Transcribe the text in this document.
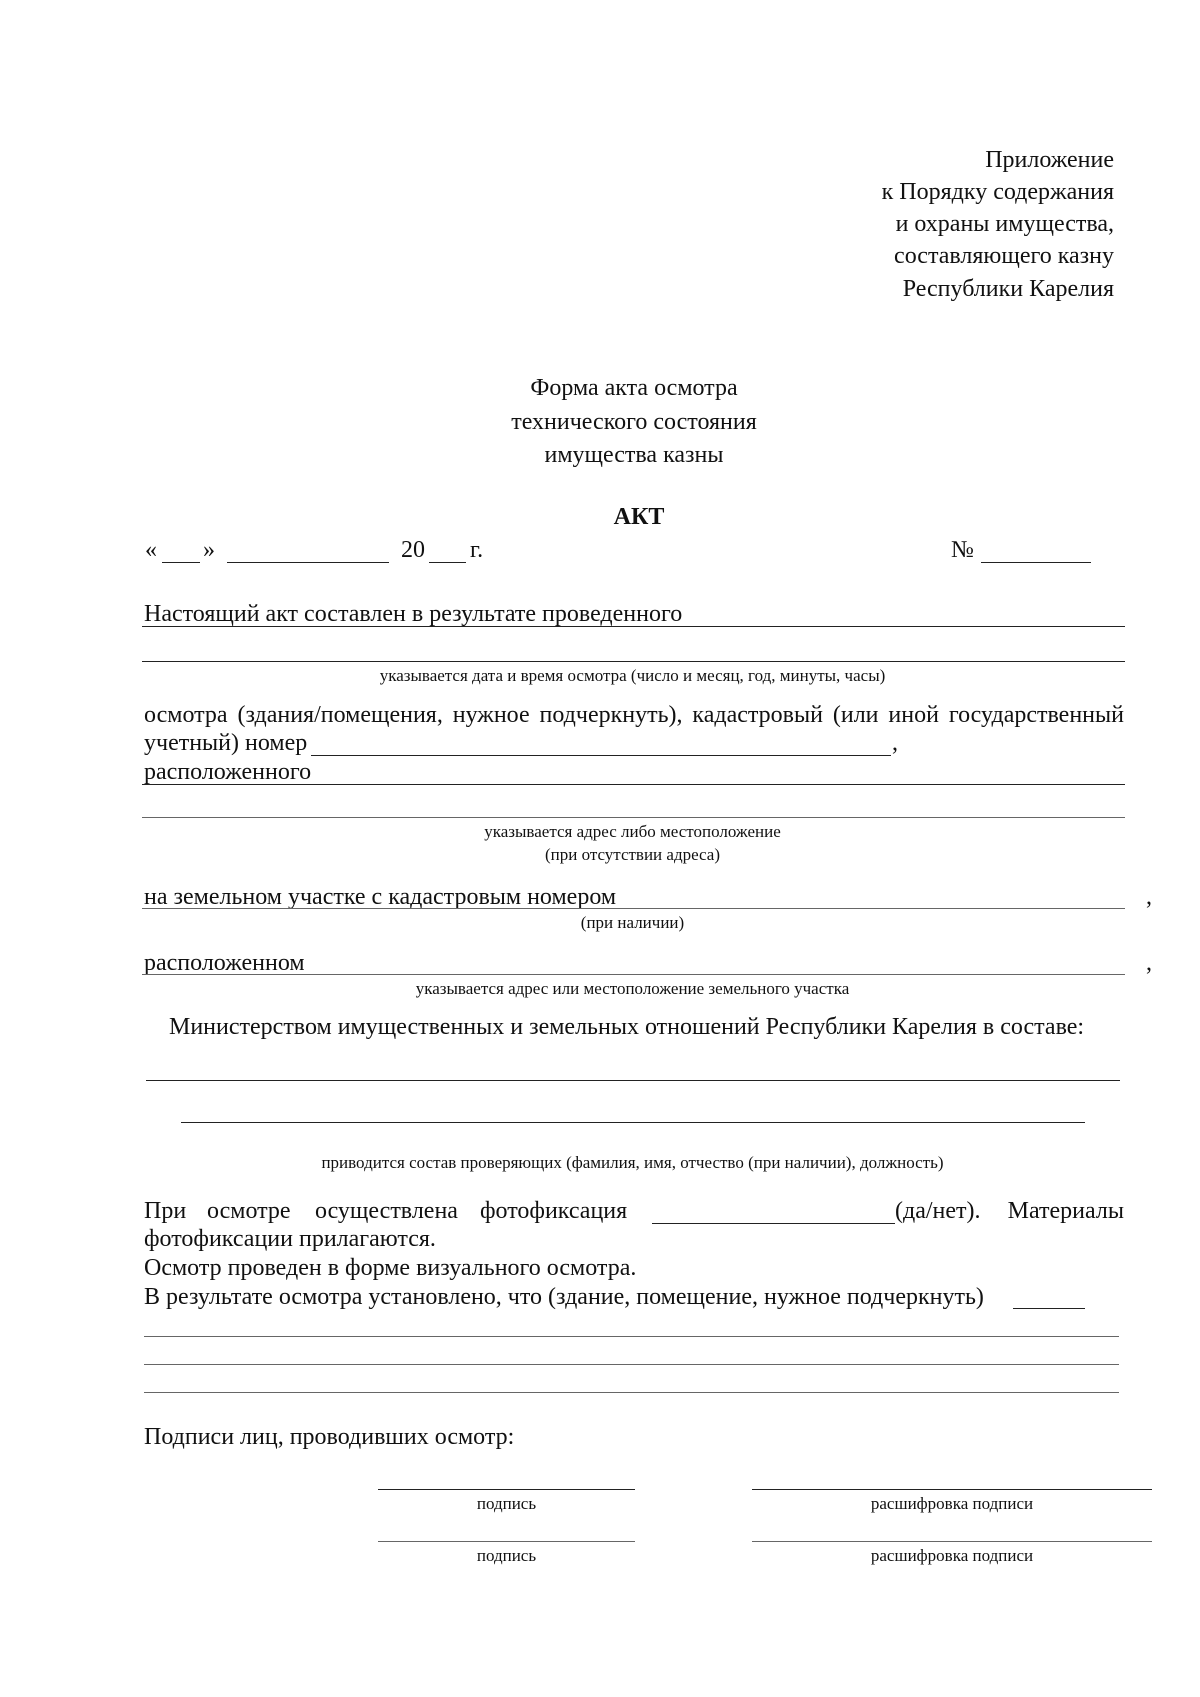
Приложение
к Порядку содержания
и охраны имущества,
составляющего казну
Республики Карелия
Форма акта осмотра
технического состояния
имущества казны
АКТ
« »	20 г.	№
Настоящий акт составлен в результате проведенного
указывается дата и время осмотра (число и месяц, год, минуты, часы)
осмотра (здания/помещения, нужное подчеркнуть), кадастровый (или иной государственный
учетный) номер	,
расположенного
указывается адрес либо местоположение
(при отсутствии адреса)
на земельном участке с кадастровым номером	,
(при наличии)
расположенном	,
указывается адрес или местоположение земельного участка
Министерством имущественных и земельных отношений Республики Карелия в составе:
приводится состав проверяющих (фамилия, имя, отчество (при наличии), должность)
При осмотре осуществлена фотофиксация	(да/нет). Материалы
фотофиксации прилагаются.
Осмотр проведен в форме визуального осмотра.
В результате осмотра установлено, что (здание, помещение, нужное подчеркнуть)
Подписи лиц, проводивших осмотр:
подпись	расшифровка подписи
подпись	расшифровка подписи
